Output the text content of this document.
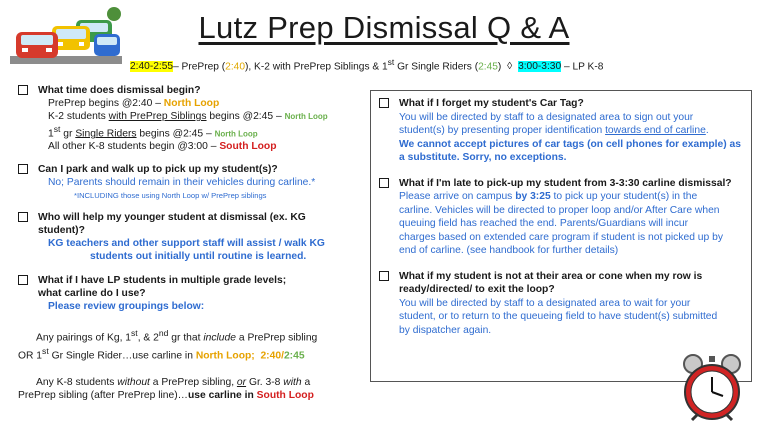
Lutz Prep Dismissal Q & A
2:40-2:55– PrePrep (2:40), K-2 with PrePrep Siblings & 1st Gr Single Riders (2:45) ◊ 3:00-3:30 – LP K-8
What time does dismissal begin?
PrePrep begins @2:40 – North Loop
K-2 students with PrePrep Siblings begins @2:45 – North Loop
1st gr Single Riders begins @2:45 – North Loop
All other K-8 students begin @3:00 – South Loop
Can I park and walk up to pick up my student(s)?
No; Parents should remain in their vehicles during carline.*
*INCLUDING those using North Loop w/ PrePrep siblings
Who will help my younger student at dismissal (ex. KG
student)?
KG teachers and other support staff will assist / walk KG
students out initially until routine is learned.
What if I have LP students in multiple grade levels;
what carline do I use?
Please review groupings below:
Any pairings of Kg, 1st, & 2nd gr that include a PrePrep sibling
OR 1st Gr Single Rider…use carline in North Loop; 2:40/2:45
Any K-8 students without a PrePrep sibling, or Gr. 3-8 with a
PrePrep sibling (after PrePrep line)…use carline in South Loop
What if I forget my student's Car Tag?
You will be directed by staff to a designated area to sign out your
student(s) by presenting proper identification towards end of carline.
We cannot accept pictures of car tags (on cell phones for example) as
a substitute. Sorry, no exceptions.
What if I'm late to pick-up my student from 3-3:30 carline dismissal?
Please arrive on campus by 3:25 to pick up your student(s) in the
carline. Vehicles will be directed to proper loop and/or After Care when
queuing field has reached the end. Parents/Guardians will incur
charges based on extended care program if student is not picked up by
end of carline. (see handbook for further details)
What if my student is not at their area or cone when my row is
ready/directed/ to exit the loop?
You will be directed by staff to a designated area to wait for your
student, or to return to the queueing field to have student(s) submitted
by dispatcher again.
